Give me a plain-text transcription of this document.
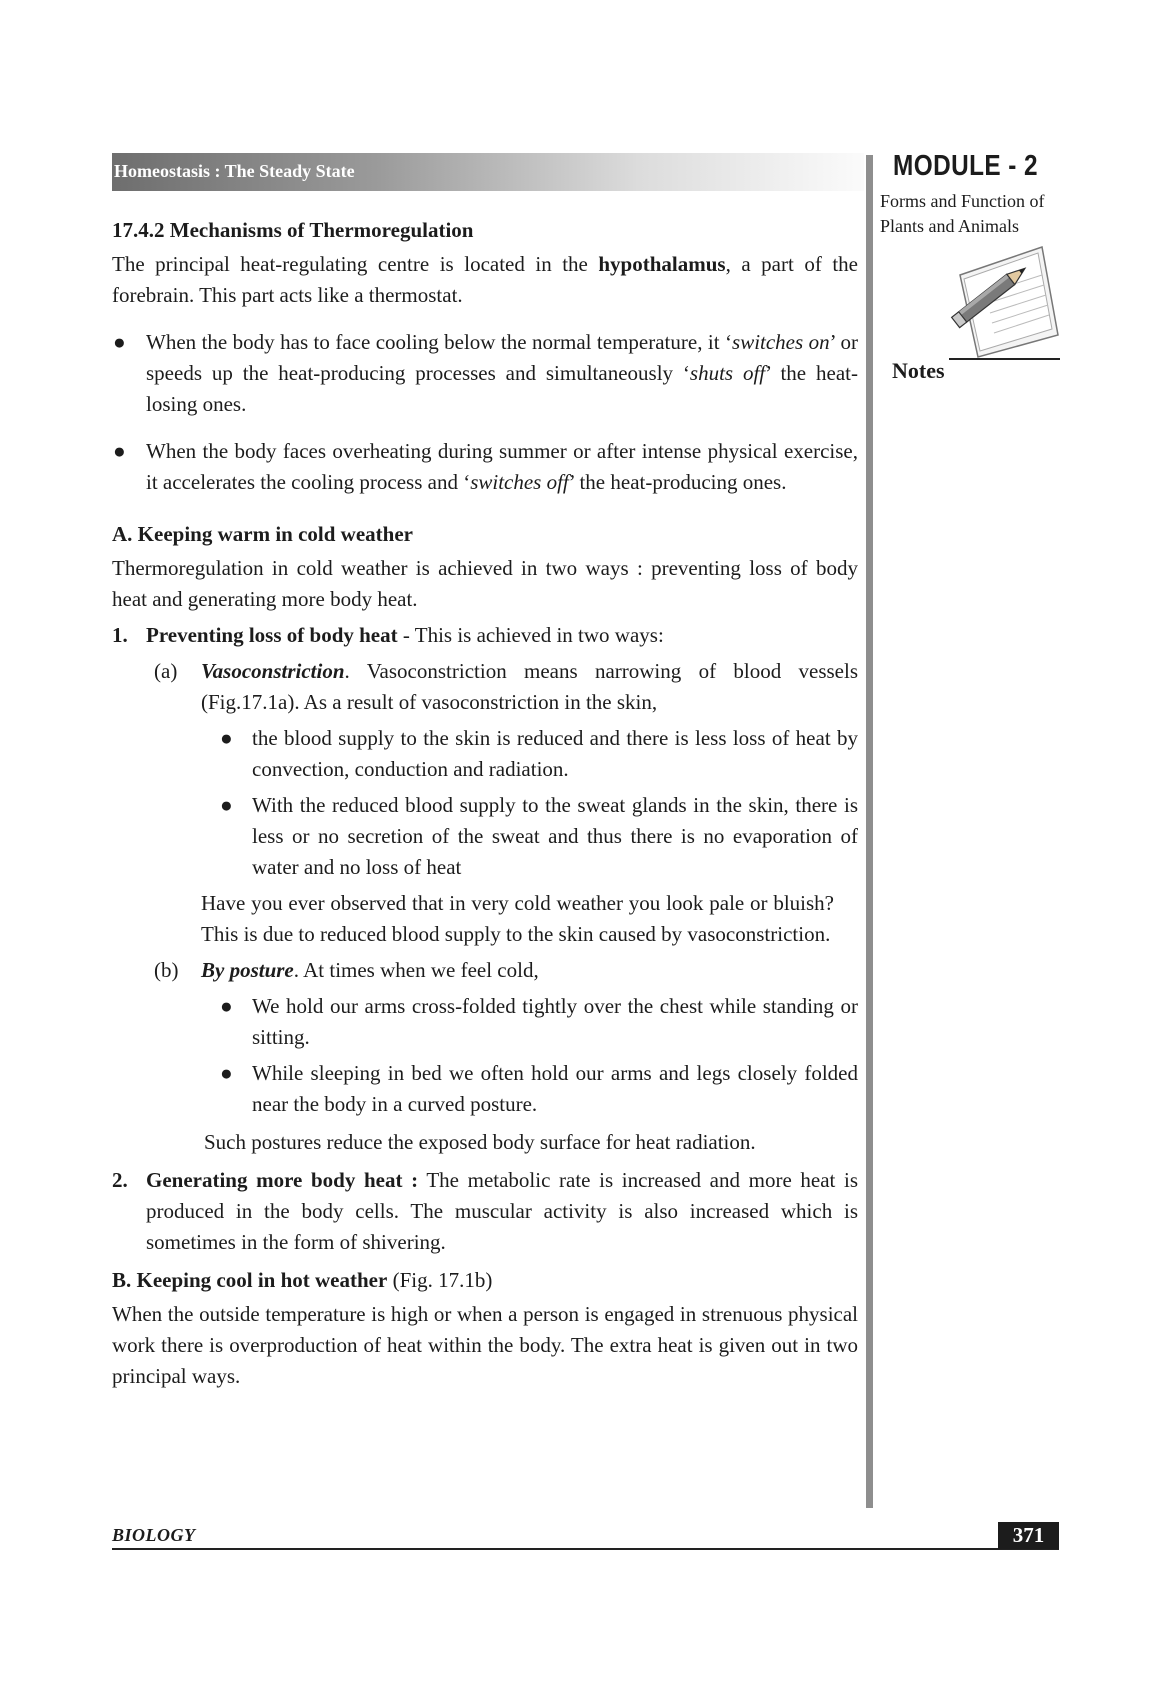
Homeostasis : The Steady State	MODULE - 2
Forms and Function of
Plants and Animals
Notes
17.4.2 Mechanisms of Thermoregulation

The principal heat-regulating centre is located in the hypothalamus, a part of the forebrain. This part acts like a thermostat.

● When the body has to face cooling below the normal temperature, it ‘switches on’ or speeds up the heat-producing processes and simultaneously ‘shuts off’ the heat-losing ones.
● When the body faces overheating during summer or after intense physical exercise, it accelerates the cooling process and ‘switches off’ the heat-producing ones.
A. Keeping warm in cold weather

Thermoregulation in cold weather is achieved in two ways : preventing loss of body heat and generating more body heat.

1. Preventing loss of body heat - This is achieved in two ways:
(a) Vasoconstriction. Vasoconstriction means narrowing of blood vessels (Fig.17.1a). As a result of vasoconstriction in the skin,
● the blood supply to the skin is reduced and there is less loss of heat by convection, conduction and radiation.
● With the reduced blood supply to the sweat glands in the skin, there is less or no secretion of the sweat and thus there is no evaporation of water and no loss of heat

Have you ever observed that in very cold weather you look pale or bluish? This is due to reduced blood supply to the skin caused by vasoconstriction.

(b) By posture. At times when we feel cold,
● We hold our arms cross-folded tightly over the chest while standing or sitting.
● While sleeping in bed we often hold our arms and legs closely folded near the body in a curved posture.

Such postures reduce the exposed body surface for heat radiation.

2. Generating more body heat : The metabolic rate is increased and more heat is produced in the body cells. The muscular activity is also increased which is sometimes in the form of shivering.
B. Keeping cool in hot weather (Fig. 17.1b)

When the outside temperature is high or when a person is engaged in strenuous physical work there is overproduction of heat within the body. The extra heat is given out in two principal ways.

BIOLOGY	371
